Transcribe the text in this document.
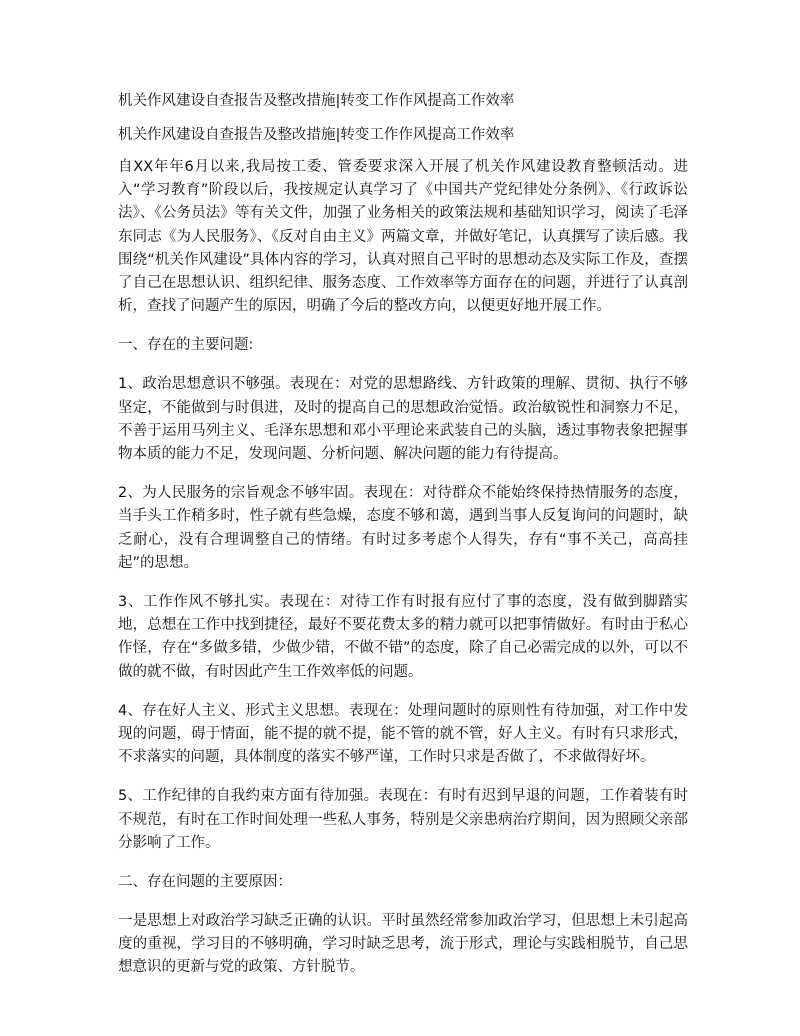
机关作风建设自查报告及整改措施|转变工作作风提高工作效率
机关作风建设自查报告及整改措施|转变工作作风提高工作效率

自XX年年6月以来,我局按工委、管委要求深入开展了机关作风建设教育整顿活动。进入“学习教育”阶段以后，我按规定认真学习了《中国共产党纪律处分条例》、《行政诉讼法》、《公务员法》等有关文件，加强了业务相关的政策法规和基础知识学习，阅读了毛泽东同志《为人民服务》、《反对自由主义》两篇文章，并做好笔记，认真撰写了读后感。我围绕“机关作风建设”具体内容的学习，认真对照自己平时的思想动态及实际工作及，查摆了自己在思想认识、组织纪律、服务态度、工作效率等方面存在的问题，并进行了认真剖析，查找了问题产生的原因，明确了今后的整改方向，以便更好地开展工作。

一、存在的主要问题:

1、政治思想意识不够强。表现在：对党的思想路线、方针政策的理解、贯彻、执行不够坚定，不能做到与时俱进，及时的提高自己的思想政治觉悟。政治敏锐性和洞察力不足，不善于运用马列主义、毛泽东思想和邓小平理论来武装自己的头脑，透过事物表象把握事物本质的能力不足，发现问题、分析问题、解决问题的能力有待提高。

2、为人民服务的宗旨观念不够牢固。表现在：对待群众不能始终保持热情服务的态度，当手头工作稍多时，性子就有些急燥，态度不够和蔼，遇到当事人反复询问的问题时，缺乏耐心，没有合理调整自己的情绪。有时过多考虑个人得失，存有“事不关己，高高挂起”的思想。

3、工作作风不够扎实。表现在：对待工作有时报有应付了事的态度，没有做到脚踏实地，总想在工作中找到捷径，最好不要花费太多的精力就可以把事情做好。有时由于私心作怪，存在“多做多错，少做少错，不做不错”的态度，除了自己必需完成的以外，可以不做的就不做，有时因此产生工作效率低的问题。

4、存在好人主义、形式主义思想。表现在：处理问题时的原则性有待加强，对工作中发现的问题，碍于情面，能不提的就不提，能不管的就不管，好人主义。有时有只求形式，不求落实的问题，具体制度的落实不够严谨，工作时只求是否做了，不求做得好坏。

5、工作纪律的自我约束方面有待加强。表现在：有时有迟到早退的问题，工作着装有时不规范，有时在工作时间处理一些私人事务，特别是父亲患病治疗期间，因为照顾父亲部分影响了工作。

二、存在问题的主要原因：

一是思想上对政治学习缺乏正确的认识。平时虽然经常参加政治学习，但思想上未引起高度的重视，学习目的不够明确，学习时缺乏思考，流于形式，理论与实践相脱节，自己思想意识的更新与党的政策、方针脱节。
